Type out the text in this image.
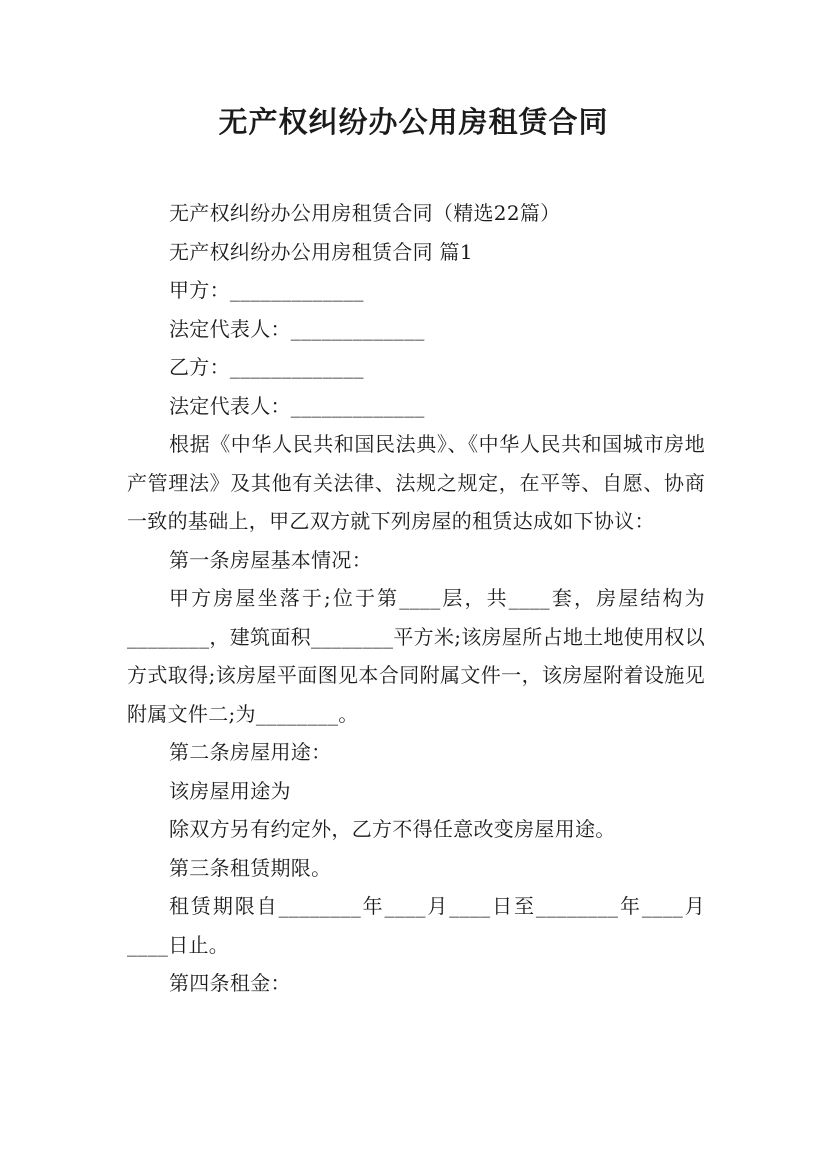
无产权纠纷办公用房租赁合同

无产权纠纷办公用房租赁合同（精选22篇）

无产权纠纷办公用房租赁合同 篇1

甲方：_____________

法定代表人：_____________

乙方：_____________

法定代表人：_____________

根据《中华人民共和国民法典》、《中华人民共和国城市房地产管理法》及其他有关法律、法规之规定，在平等、自愿、协商一致的基础上，甲乙双方就下列房屋的租赁达成如下协议：

第一条房屋基本情况：

甲方房屋坐落于;位于第____层，共____套，房屋结构为________，建筑面积________平方米;该房屋所占地土地使用权以方式取得;该房屋平面图见本合同附属文件一，该房屋附着设施见附属文件二;为________。

第二条房屋用途：

该房屋用途为

除双方另有约定外，乙方不得任意改变房屋用途。

第三条租赁期限。

租赁期限自________年____月____日至________年____月____日止。

第四条租金：
